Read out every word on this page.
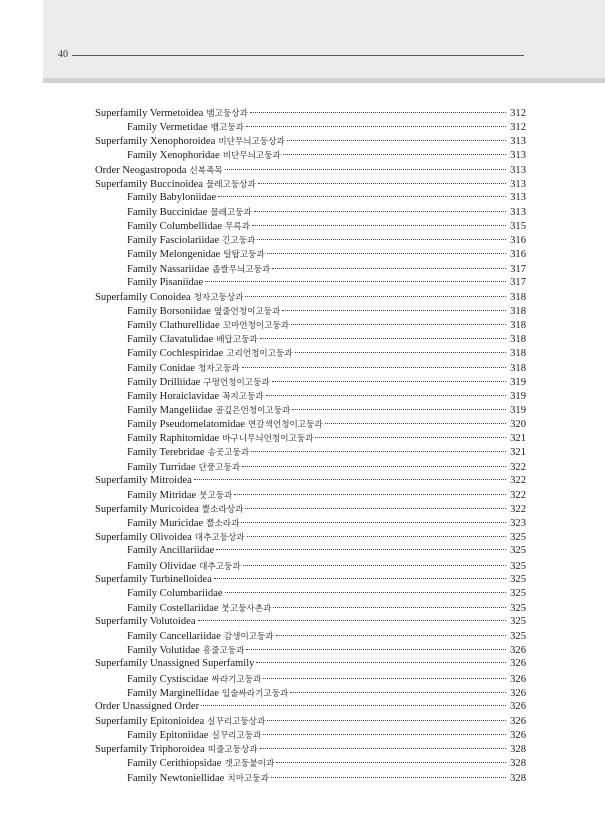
40
Superfamily Vermetoidea 뱀고둥상과	312
Family Vermetidae 뱀고둥과	312
Superfamily Xenophoroidea 비단무늬고둥상과	313
Family Xenophoridae 비단무늬고둥과	313
Order Neogastropoda 신복족목	313
Superfamily Buccinoidea 물레고둥상과	313
Family Babyloniidae	313
Family Buccinidae 물레고둥과	313
Family Columbellidae 무륵과	315
Family Fasciolariidae 긴고둥과	316
Family Melongenidae 털탑고둥과	316
Family Nassariidae 좁쌀무늬고둥과	317
Family Pisaniidae	317
Superfamily Conoidea 청자고둥상과	318
Family Borsoniidae 옆줄언청이고둥과	318
Family Clathurellidae 꼬마언청이고둥과	318
Family Clavatulidae 배답고둥과	318
Family Cochlespiridae 고리언청이고둥과	318
Family Conidae 청자고둥과	318
Family Drilliidae 구멍언청이고둥과	319
Family Horaiclavidae 꼭지고둥과	319
Family Mangeliidae 골깊은언청이고둥과	319
Family Pseudomelatomidae 연갈색언청이고둥과	320
Family Raphitomidae 바구니무늬언청이고둥과	321
Family Terebridae 송곳고둥과	321
Family Turridae 단풍고둥과	322
Superfamily Mitroidea	322
Family Mitridae 붓고둥과	322
Superfamily Muricoidea 뿔소라상과	322
Family Muricidae 뿔소라과	323
Superfamily Olivoidea 대추고둥상과	325
Family Ancillariidae	325
Family Olividae 대추고둥과	325
Superfamily Turbinelloidea	325
Family Columbariidae	325
Family Costellariidae 붓고둥사촌과	325
Superfamily Volutoidea	325
Family Cancellariidae 감생이고둥과	325
Family Volutidae 흥줄고둥과	326
Superfamily Unassigned Superfamily	326
Family Cystiscidae 싸라기고둥과	326
Family Marginellidae 입술싸라기고둥과	326
Order Unassigned Order	326
Superfamily Epitonioidea 실꾸리고둥상과	326
Family Epitoniidae 실꾸리고둥과	326
Superfamily Triphoroidea 띠줄고둥상과	328
Family Cerithiopsidae 갯고둥붙이과	328
Family Newtoniellidae 치마고둥과	328
